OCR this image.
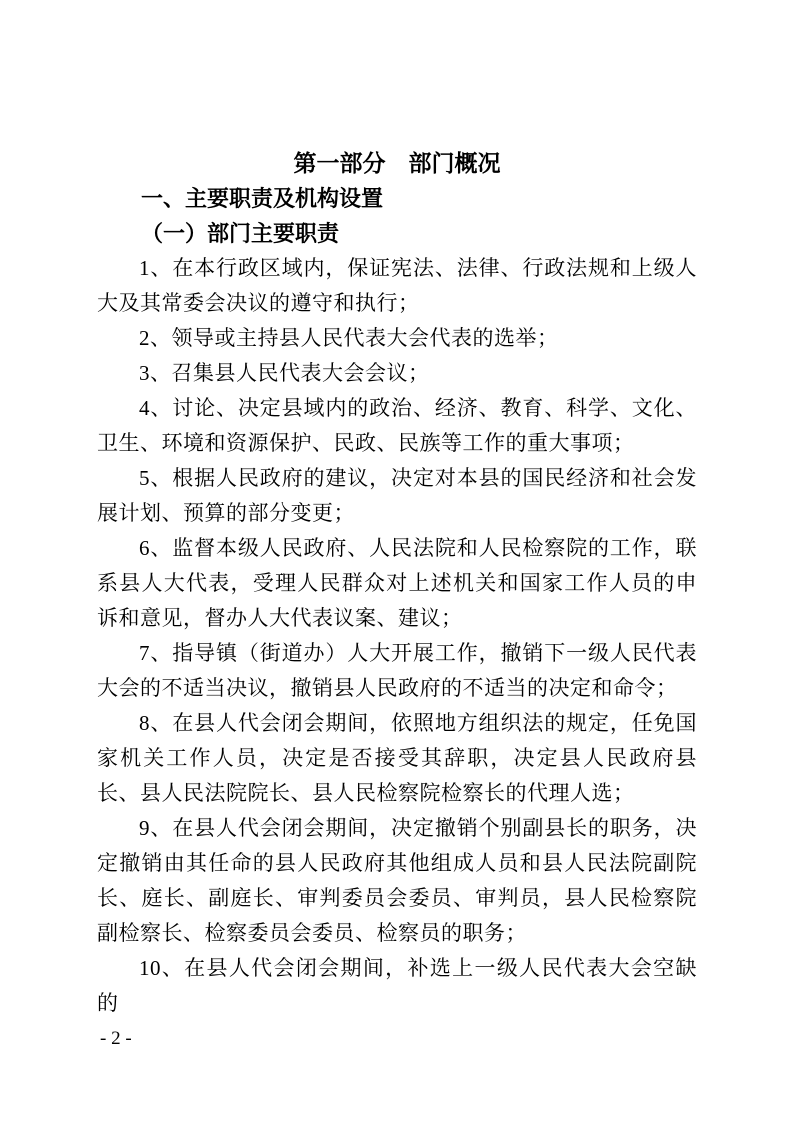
第一部分　部门概况
一、主要职责及机构设置
（一）部门主要职责

1、在本行政区域内，保证宪法、法律、行政法规和上级人大及其常委会决议的遵守和执行；

2、领导或主持县人民代表大会代表的选举；

3、召集县人民代表大会会议；

4、讨论、决定县域内的政治、经济、教育、科学、文化、卫生、环境和资源保护、民政、民族等工作的重大事项；

5、根据人民政府的建议，决定对本县的国民经济和社会发展计划、预算的部分变更；

6、监督本级人民政府、人民法院和人民检察院的工作，联系县人大代表，受理人民群众对上述机关和国家工作人员的申诉和意见，督办人大代表议案、建议；

7、指导镇（街道办）人大开展工作，撤销下一级人民代表大会的不适当决议，撤销县人民政府的不适当的决定和命令；

8、在县人代会闭会期间，依照地方组织法的规定，任免国家机关工作人员，决定是否接受其辞职，决定县人民政府县长、县人民法院院长、县人民检察院检察长的代理人选；

9、在县人代会闭会期间，决定撤销个别副县长的职务，决定撤销由其任命的县人民政府其他组成人员和县人民法院副院长、庭长、副庭长、审判委员会委员、审判员，县人民检察院副检察长、检察委员会委员、检察员的职务；

10、在县人代会闭会期间，补选上一级人民代表大会空缺的

- 2 -
